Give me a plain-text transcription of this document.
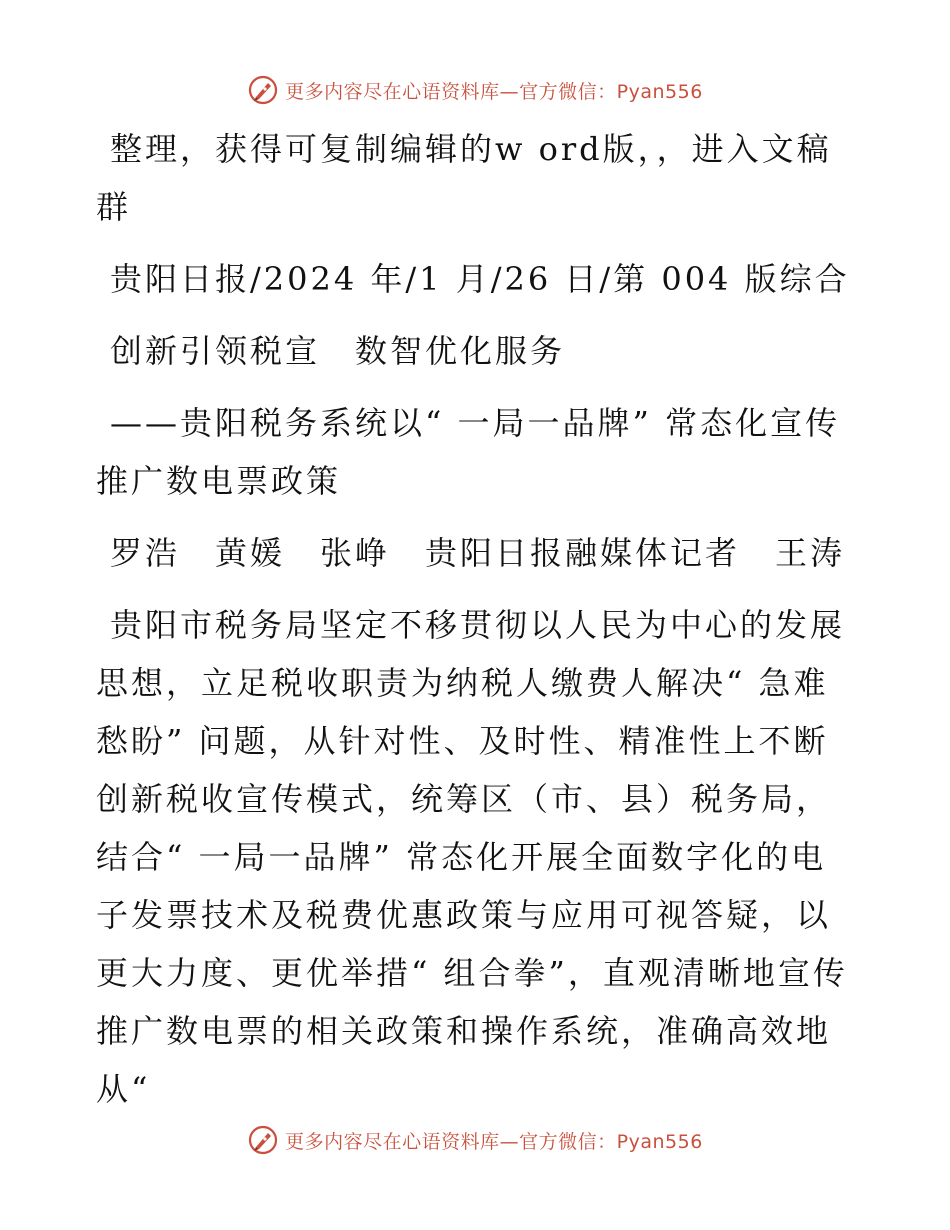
更多内容尽在心语资料库—官方微信：Pyan556

整理，获得可复制编辑的w ord版，，进入文稿群

贵阳日报/2024 年/1 月/26 日/第 004 版综合

创新引领税宣　数智优化服务

——贵阳税务系统以“ 一局一品牌” 常态化宣传推广数电票政策

罗浩　黄媛　张峥　贵阳日报融媒体记者　王涛

贵阳市税务局坚定不移贯彻以人民为中心的发展思想，立足税收职责为纳税人缴费人解决“ 急难愁盼” 问题，从针对性、及时性、精准性上不断创新税收宣传模式，统筹区（市、县）税务局，结合“ 一局一品牌” 常态化开展全面数字化的电子发票技术及税费优惠政策与应用可视答疑，以更大力度、更优举措“ 组合拳”，直观清晰地宣传推广数电票的相关政策和操作系统，准确高效地从“

更多内容尽在心语资料库—官方微信：Pyan556
